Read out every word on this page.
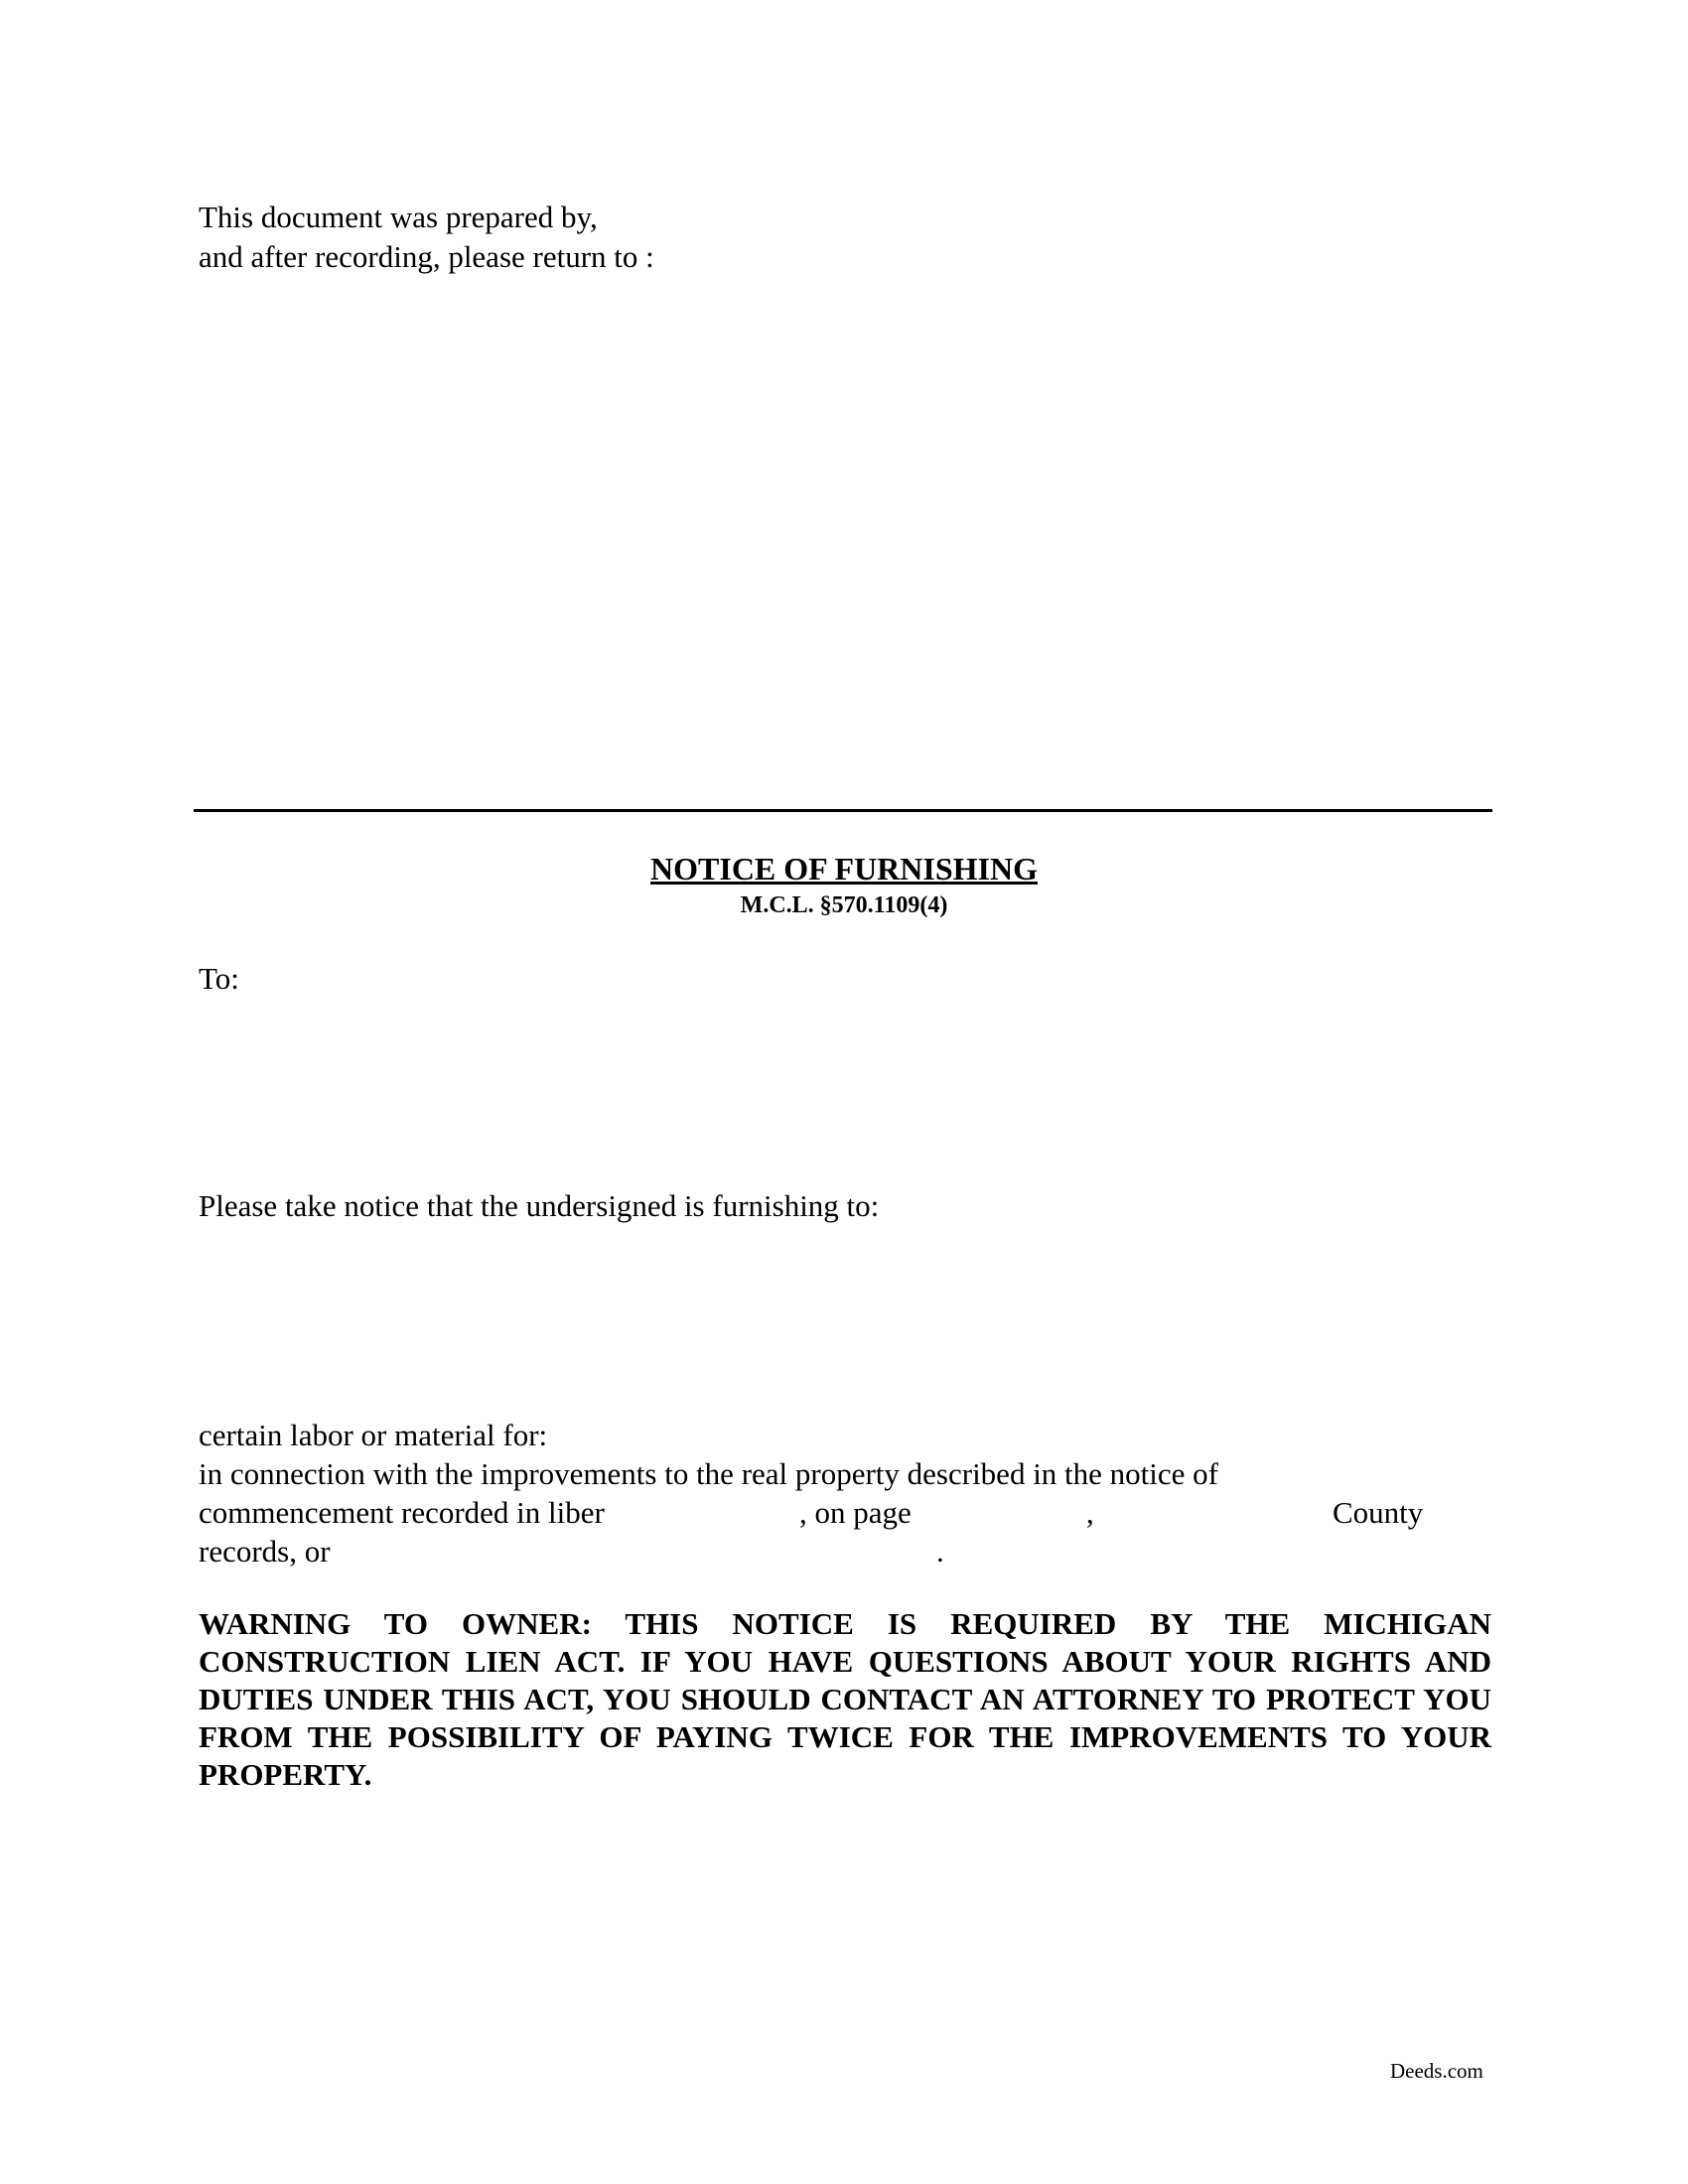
This document was prepared by,
and after recording, please return to :
NOTICE OF FURNISHING
M.C.L. §570.1109(4)
To:
Please take notice that the undersigned is furnishing to:
certain labor or material for:
in connection with the improvements to the real property described in the notice of
commencement recorded in liber	, on page	,	County
records, or	.
WARNING TO OWNER: THIS NOTICE IS REQUIRED BY THE MICHIGAN CONSTRUCTION LIEN ACT. IF YOU HAVE QUESTIONS ABOUT YOUR RIGHTS AND DUTIES UNDER THIS ACT, YOU SHOULD CONTACT AN ATTORNEY TO PROTECT YOU FROM THE POSSIBILITY OF PAYING TWICE FOR THE IMPROVEMENTS TO YOUR PROPERTY.
Deeds.com
